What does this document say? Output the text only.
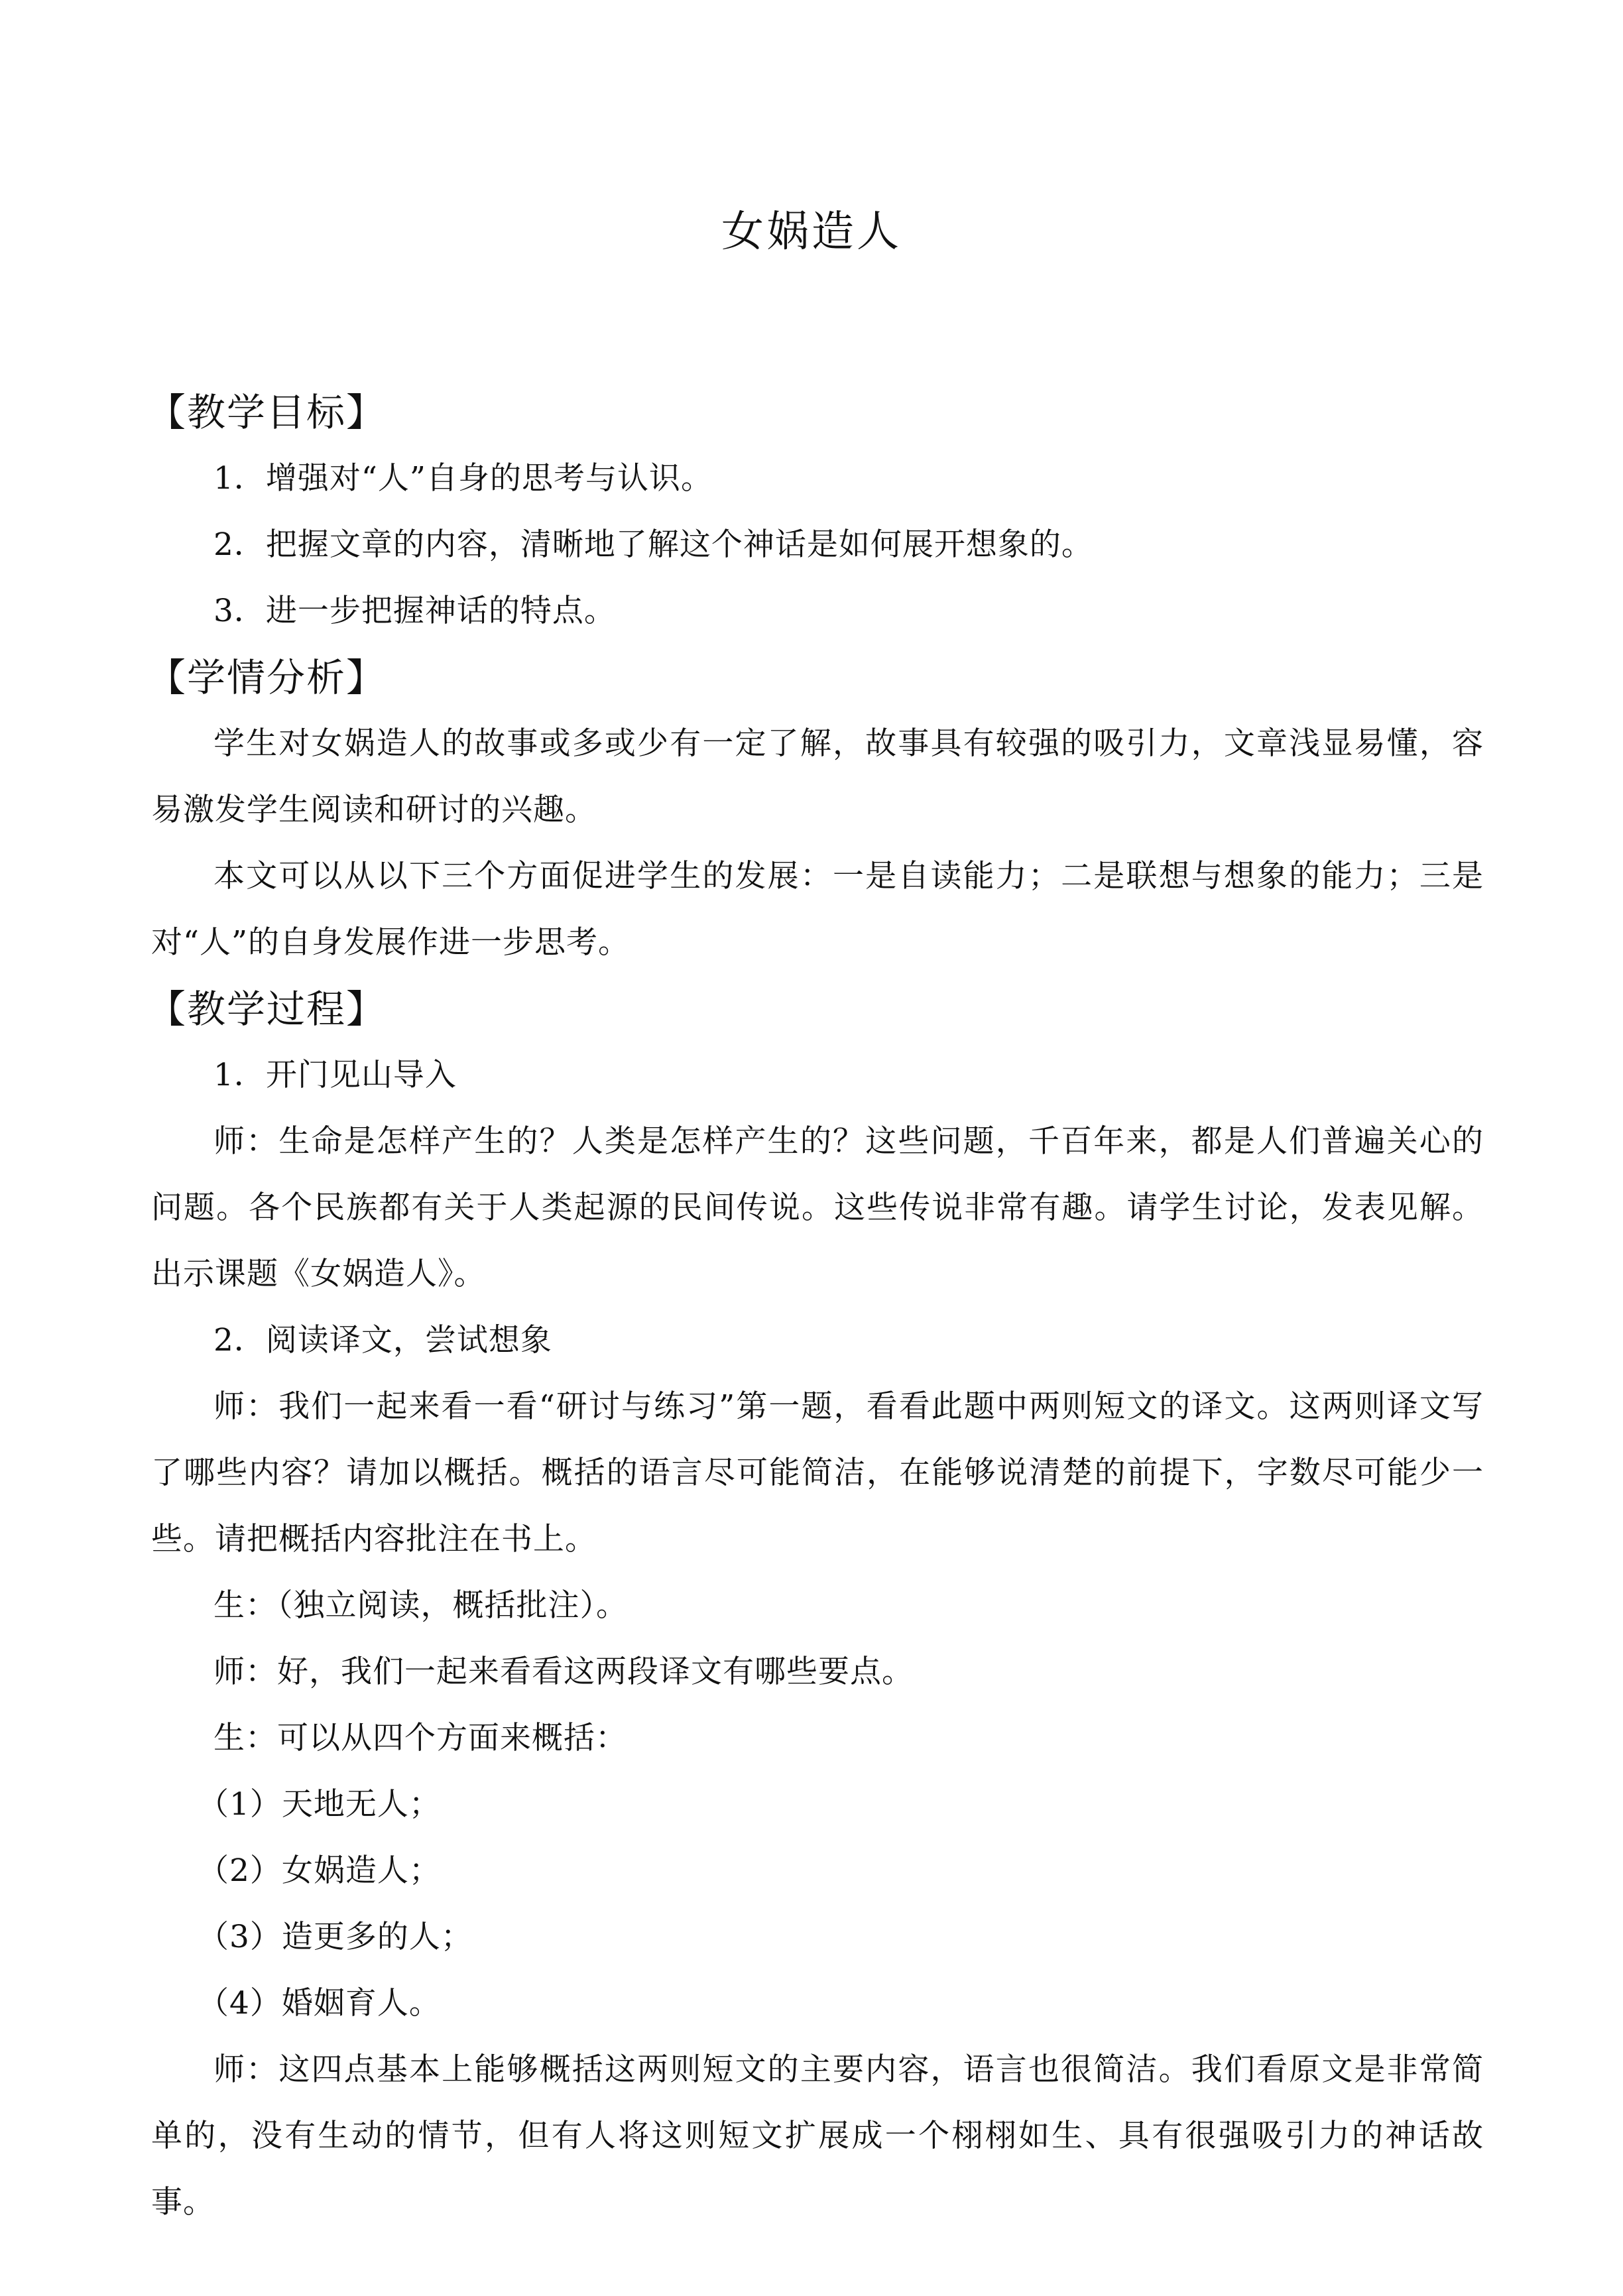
女娲造人
【教学目标】
1．增强对“人”自身的思考与认识。
2．把握文章的内容，清晰地了解这个神话是如何展开想象的。
3．进一步把握神话的特点。
【学情分析】
学生对女娲造人的故事或多或少有一定了解，故事具有较强的吸引力，文章浅显易懂，容易激发学生阅读和研讨的兴趣。
本文可以从以下三个方面促进学生的发展：一是自读能力；二是联想与想象的能力；三是对“人”的自身发展作进一步思考。
【教学过程】
1．开门见山导入
师：生命是怎样产生的？人类是怎样产生的？这些问题，千百年来，都是人们普遍关心的问题。各个民族都有关于人类起源的民间传说。这些传说非常有趣。请学生讨论，发表见解。出示课题《女娲造人》。
2．阅读译文，尝试想象
师：我们一起来看一看“研讨与练习”第一题，看看此题中两则短文的译文。这两则译文写了哪些内容？请加以概括。概括的语言尽可能简洁，在能够说清楚的前提下，字数尽可能少一些。请把概括内容批注在书上。
生：（独立阅读，概括批注）。
师：好，我们一起来看看这两段译文有哪些要点。
生：可以从四个方面来概括：
（1）天地无人；
（2）女娲造人；
（3）造更多的人；
（4）婚姻育人。
师：这四点基本上能够概括这两则短文的主要内容，语言也很简洁。我们看原文是非常简单的，没有生动的情节，但有人将这则短文扩展成一个栩栩如生、具有很强吸引力的神话故事。
